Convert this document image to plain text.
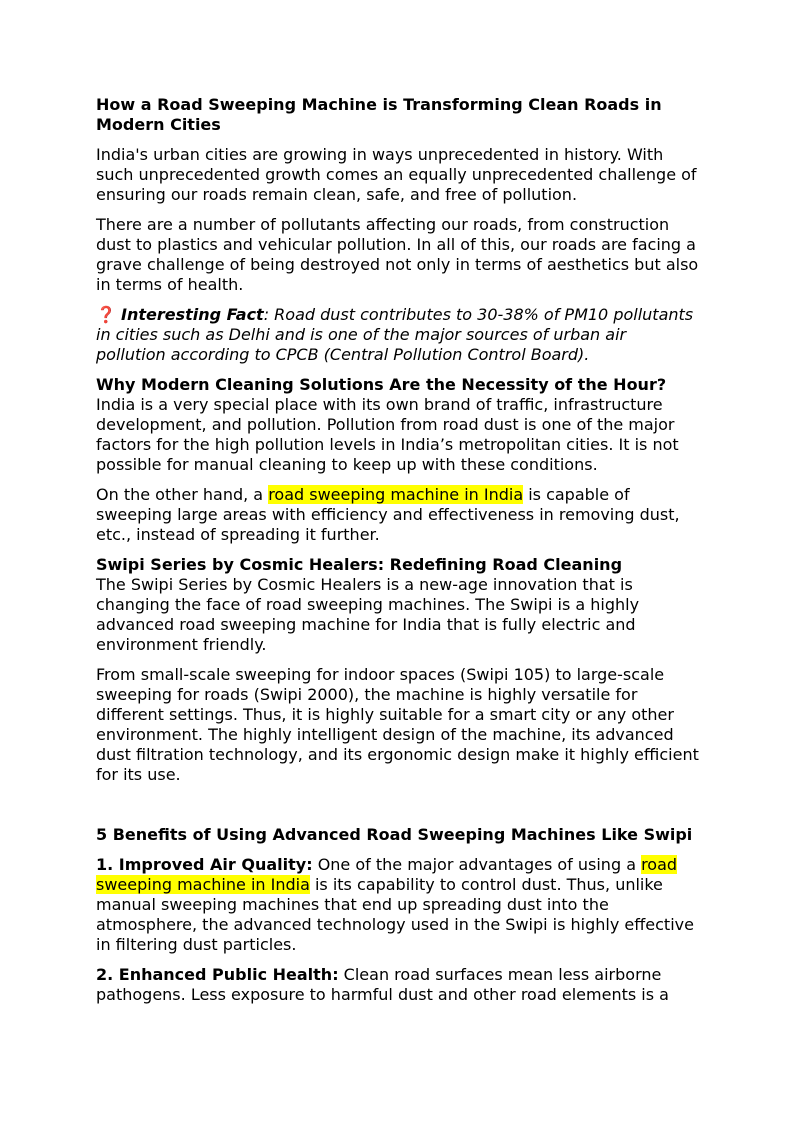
How a Road Sweeping Machine is Transforming Clean Roads in Modern Cities

India's urban cities are growing in ways unprecedented in history. With such unprecedented growth comes an equally unprecedented challenge of ensuring our roads remain clean, safe, and free of pollution.

There are a number of pollutants affecting our roads, from construction dust to plastics and vehicular pollution. In all of this, our roads are facing a grave challenge of being destroyed not only in terms of aesthetics but also in terms of health.

❓ Interesting Fact: Road dust contributes to 30-38% of PM10 pollutants in cities such as Delhi and is one of the major sources of urban air pollution according to CPCB (Central Pollution Control Board).

Why Modern Cleaning Solutions Are the Necessity of the Hour?
India is a very special place with its own brand of traffic, infrastructure development, and pollution. Pollution from road dust is one of the major factors for the high pollution levels in India’s metropolitan cities. It is not possible for manual cleaning to keep up with these conditions.

On the other hand, a road sweeping machine in India is capable of sweeping large areas with efficiency and effectiveness in removing dust, etc., instead of spreading it further.

Swipi Series by Cosmic Healers: Redefining Road Cleaning
The Swipi Series by Cosmic Healers is a new-age innovation that is changing the face of road sweeping machines. The Swipi is a highly advanced road sweeping machine for India that is fully electric and environment friendly.

From small-scale sweeping for indoor spaces (Swipi 105) to large-scale sweeping for roads (Swipi 2000), the machine is highly versatile for different settings. Thus, it is highly suitable for a smart city or any other environment. The highly intelligent design of the machine, its advanced dust filtration technology, and its ergonomic design make it highly efficient for its use.

5 Benefits of Using Advanced Road Sweeping Machines Like Swipi

1. Improved Air Quality: One of the major advantages of using a road sweeping machine in India is its capability to control dust. Thus, unlike manual sweeping machines that end up spreading dust into the atmosphere, the advanced technology used in the Swipi is highly effective in filtering dust particles.

2. Enhanced Public Health: Clean road surfaces mean less airborne pathogens. Less exposure to harmful dust and other road elements is a
